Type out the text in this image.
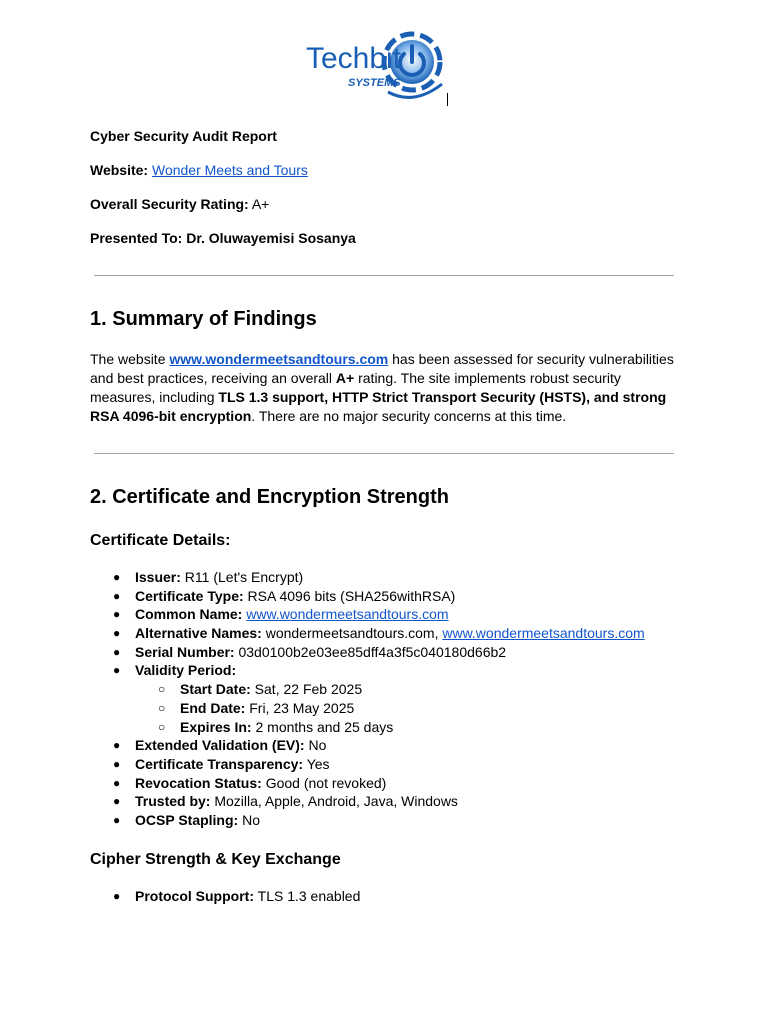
Techbit
SYSTEMS

Cyber Security Audit Report

Website: Wonder Meets and Tours

Overall Security Rating: A+

Presented To: Dr. Oluwayemisi Sosanya

1. Summary of Findings

The website www.wondermeetsandtours.com has been assessed for security vulnerabilities and best practices, receiving an overall A+ rating. The site implements robust security measures, including TLS 1.3 support, HTTP Strict Transport Security (HSTS), and strong RSA 4096-bit encryption. There are no major security concerns at this time.

2. Certificate and Encryption Strength
Certificate Details:
● Issuer: R11 (Let's Encrypt)
● Certificate Type: RSA 4096 bits (SHA256withRSA)
● Common Name: www.wondermeetsandtours.com
● Alternative Names: wondermeetsandtours.com, www.wondermeetsandtours.com
● Serial Number: 03d0100b2e03ee85dff4a3f5c040180d66b2
● Validity Period:
○ Start Date: Sat, 22 Feb 2025
○ End Date: Fri, 23 May 2025
○ Expires In: 2 months and 25 days
● Extended Validation (EV): No
● Certificate Transparency: Yes
● Revocation Status: Good (not revoked)
● Trusted by: Mozilla, Apple, Android, Java, Windows
● OCSP Stapling: No
Cipher Strength & Key Exchange
● Protocol Support: TLS 1.3 enabled
